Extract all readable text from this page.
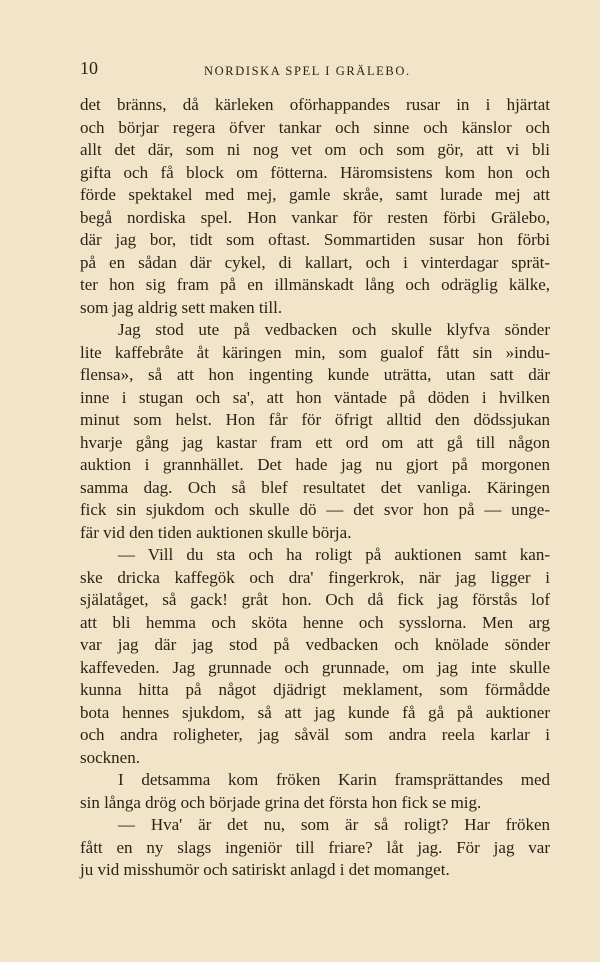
10	NORDISKA SPEL I GRÄLEBO.
det bränns, då kärleken oförhappandes rusar in i hjärtat
och börjar regera öfver tankar och sinne och känslor och
allt det där, som ni nog vet om och som gör, att vi bli
gifta och få block om fötterna. Häromsistens kom hon och
förde spektakel med mej, gamle skråe, samt lurade mej att
begå nordiska spel. Hon vankar för resten förbi Grälebo,
där jag bor, tidt som oftast. Sommartiden susar hon förbi
på en sådan där cykel, di kallart, och i vinterdagar sprät-
ter hon sig fram på en illmänskadt lång och odräglig kälke,
som jag aldrig sett maken till.
Jag stod ute på vedbacken och skulle klyfva sönder
lite kaffebråte åt käringen min, som gualof fått sin »indu-
flensa», så att hon ingenting kunde uträtta, utan satt där
inne i stugan och sa', att hon väntade på döden i hvilken
minut som helst. Hon får för öfrigt alltid den dödssjukan
hvarje gång jag kastar fram ett ord om att gå till någon
auktion i grannhället. Det hade jag nu gjort på morgonen
samma dag. Och så blef resultatet det vanliga. Käringen
fick sin sjukdom och skulle dö — det svor hon på — unge-
fär vid den tiden auktionen skulle börja.
— Vill du sta och ha roligt på auktionen samt kan-
ske dricka kaffegök och dra' fingerkrok, när jag ligger i
själatåget, så gack! gråt hon. Och då fick jag förstås lof
att bli hemma och sköta henne och sysslorna. Men arg
var jag där jag stod på vedbacken och knölade sönder
kaffeveden. Jag grunnade och grunnade, om jag inte skulle
kunna hitta på något djädrigt meklament, som förmådde
bota hennes sjukdom, så att jag kunde få gå på auktioner
och andra roligheter, jag såväl som andra reela karlar i
socknen.
I detsamma kom fröken Karin framsprättandes med
sin långa drög och började grina det första hon fick se mig.
— Hva' är det nu, som är så roligt? Har fröken
fått en ny slags ingeniör till friare? låt jag. För jag var
ju vid misshumör och satiriskt anlagd i det momanget.
